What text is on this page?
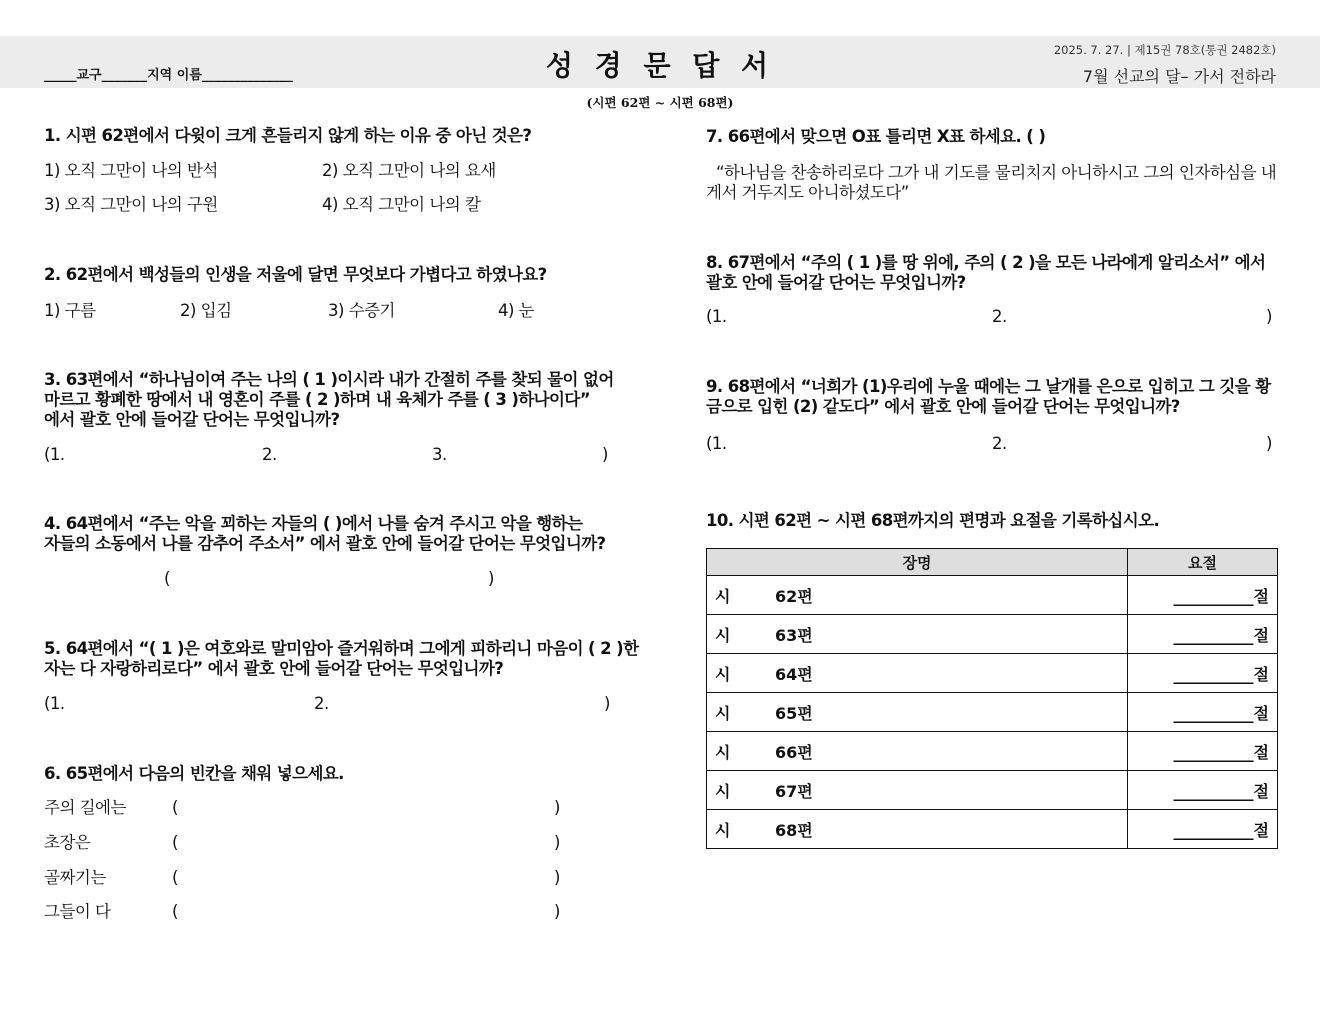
_____교구_______지역 이름______________	성 경 문 답 서	2025. 7. 27. | 제15권 78호(통권 2482호)
7월 선교의 달– 가서 전하라
(시편 62편 ~ 시편 68편)
1. 시편 62편에서 다윗이 크게 흔들리지 않게 하는 이유 중 아닌 것은?
1) 오직 그만이 나의 반석	2) 오직 그만이 나의 요새
3) 오직 그만이 나의 구원	4) 오직 그만이 나의 칼
2. 62편에서 백성들의 인생을 저울에 달면 무엇보다 가볍다고 하였나요?
1) 구름	2) 입김	3) 수증기	4) 눈
3. 63편에서 “하나님이여 주는 나의 ( 1 )이시라 내가 간절히 주를 찾되 물이 없어
마르고 황폐한 땅에서 내 영혼이 주를 ( 2 )하며 내 육체가 주를 ( 3 )하나이다”
에서 괄호 안에 들어갈 단어는 무엇입니까?
(1.	2.	3.	)
4. 64편에서 “주는 악을 꾀하는 자들의 ( )에서 나를 숨겨 주시고 악을 행하는
자들의 소동에서 나를 감추어 주소서” 에서 괄호 안에 들어갈 단어는 무엇입니까?
(	)
5. 64편에서 “( 1 )은 여호와로 말미암아 즐거워하며 그에게 피하리니 마음이 ( 2 )한
자는 다 자랑하리로다” 에서 괄호 안에 들어갈 단어는 무엇입니까?
(1.	2.	)
6. 65편에서 다음의 빈칸을 채워 넣으세요.
주의 길에는	(	)
초장은	(	)
골짜기는	(	)
그들이 다	(	)
7. 66편에서 맞으면 O표 틀리면 X표 하세요. ( )
“하나님을 찬송하리로다 그가 내 기도를 물리치지 아니하시고 그의 인자하심을 내
게서 거두지도 아니하셨도다”
8. 67편에서 “주의 ( 1 )를 땅 위에, 주의 ( 2 )을 모든 나라에게 알리소서” 에서
괄호 안에 들어갈 단어는 무엇입니까?
(1.	2.	)
9. 68편에서 “너희가 (1)우리에 누울 때에는 그 날개를 은으로 입히고 그 깃을 황
금으로 입힌 (2) 같도다” 에서 괄호 안에 들어갈 단어는 무엇입니까?
(1.	2.	)
10. 시편 62편 ~ 시편 68편까지의 편명과 요절을 기록하십시오.
장명	요절
시 62편	__________절
시 63편	__________절
시 64편	__________절
시 65편	__________절
시 66편	__________절
시 67편	__________절
시 68편	__________절
